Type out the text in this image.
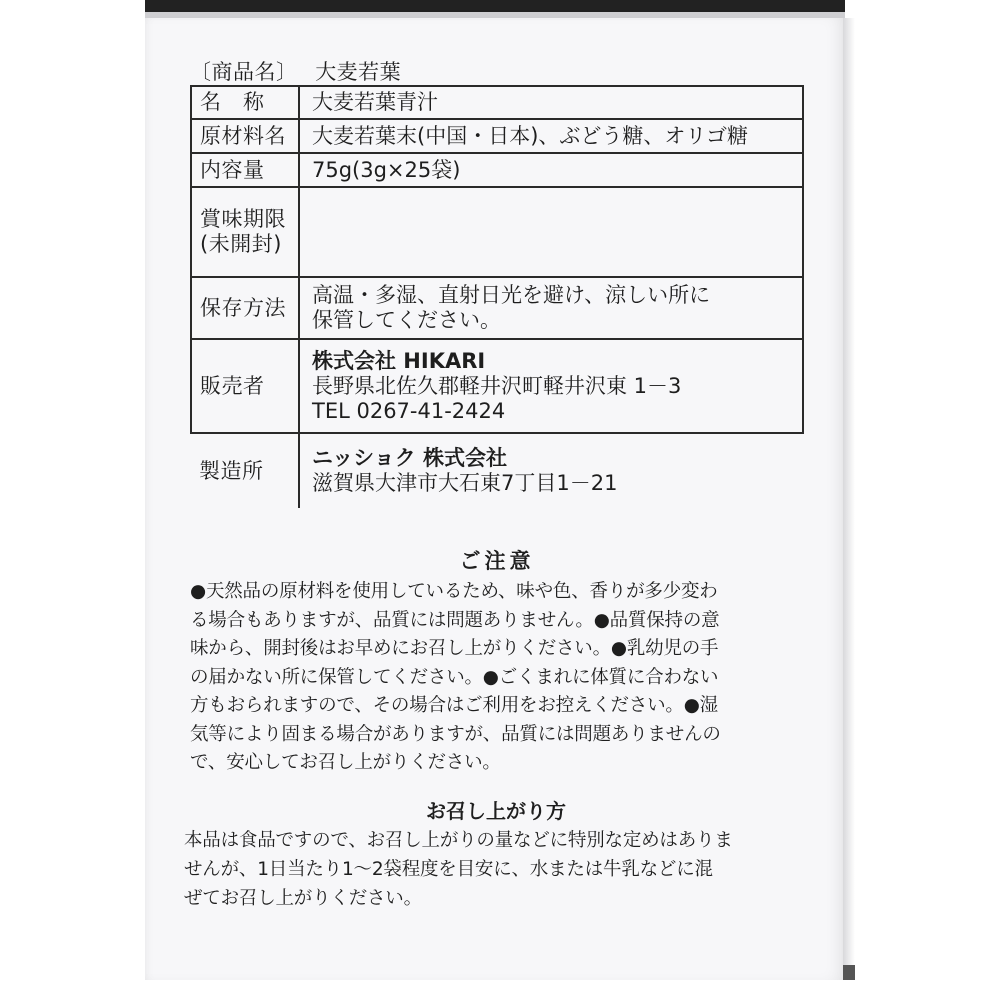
〔商品名〕 大麦若葉
名　称	大麦若葉青汁
原材料名	大麦若葉末(中国・日本)、ぶどう糖、オリゴ糖
内容量	75g(3g×25袋)

賞味期限
(未開封)	

保存方法	高温・多湿、直射日光を避け、涼しい所に
保管してください。

販売者	株式会社 HIKARI
長野県北佐久郡軽井沢町軽井沢東 1－3
TEL 0267-41-2424

製造所	ニッショク 株式会社
滋賀県大津市大石東7丁目1－21
ご注意

●天然品の原材料を使用しているため、味や色、香りが多少変わ
る場合もありますが、品質には問題ありません。●品質保持の意
味から、開封後はお早めにお召し上がりください。●乳幼児の手
の届かない所に保管してください。●ごくまれに体質に合わない
方もおられますので、その場合はご利用をお控えください。●湿
気等により固まる場合がありますが、品質には問題ありませんの
で、安心してお召し上がりください。

お召し上がり方

本品は食品ですので、お召し上がりの量などに特別な定めはありま
せんが、1日当たり1～2袋程度を目安に、水または牛乳などに混
ぜてお召し上がりください。
